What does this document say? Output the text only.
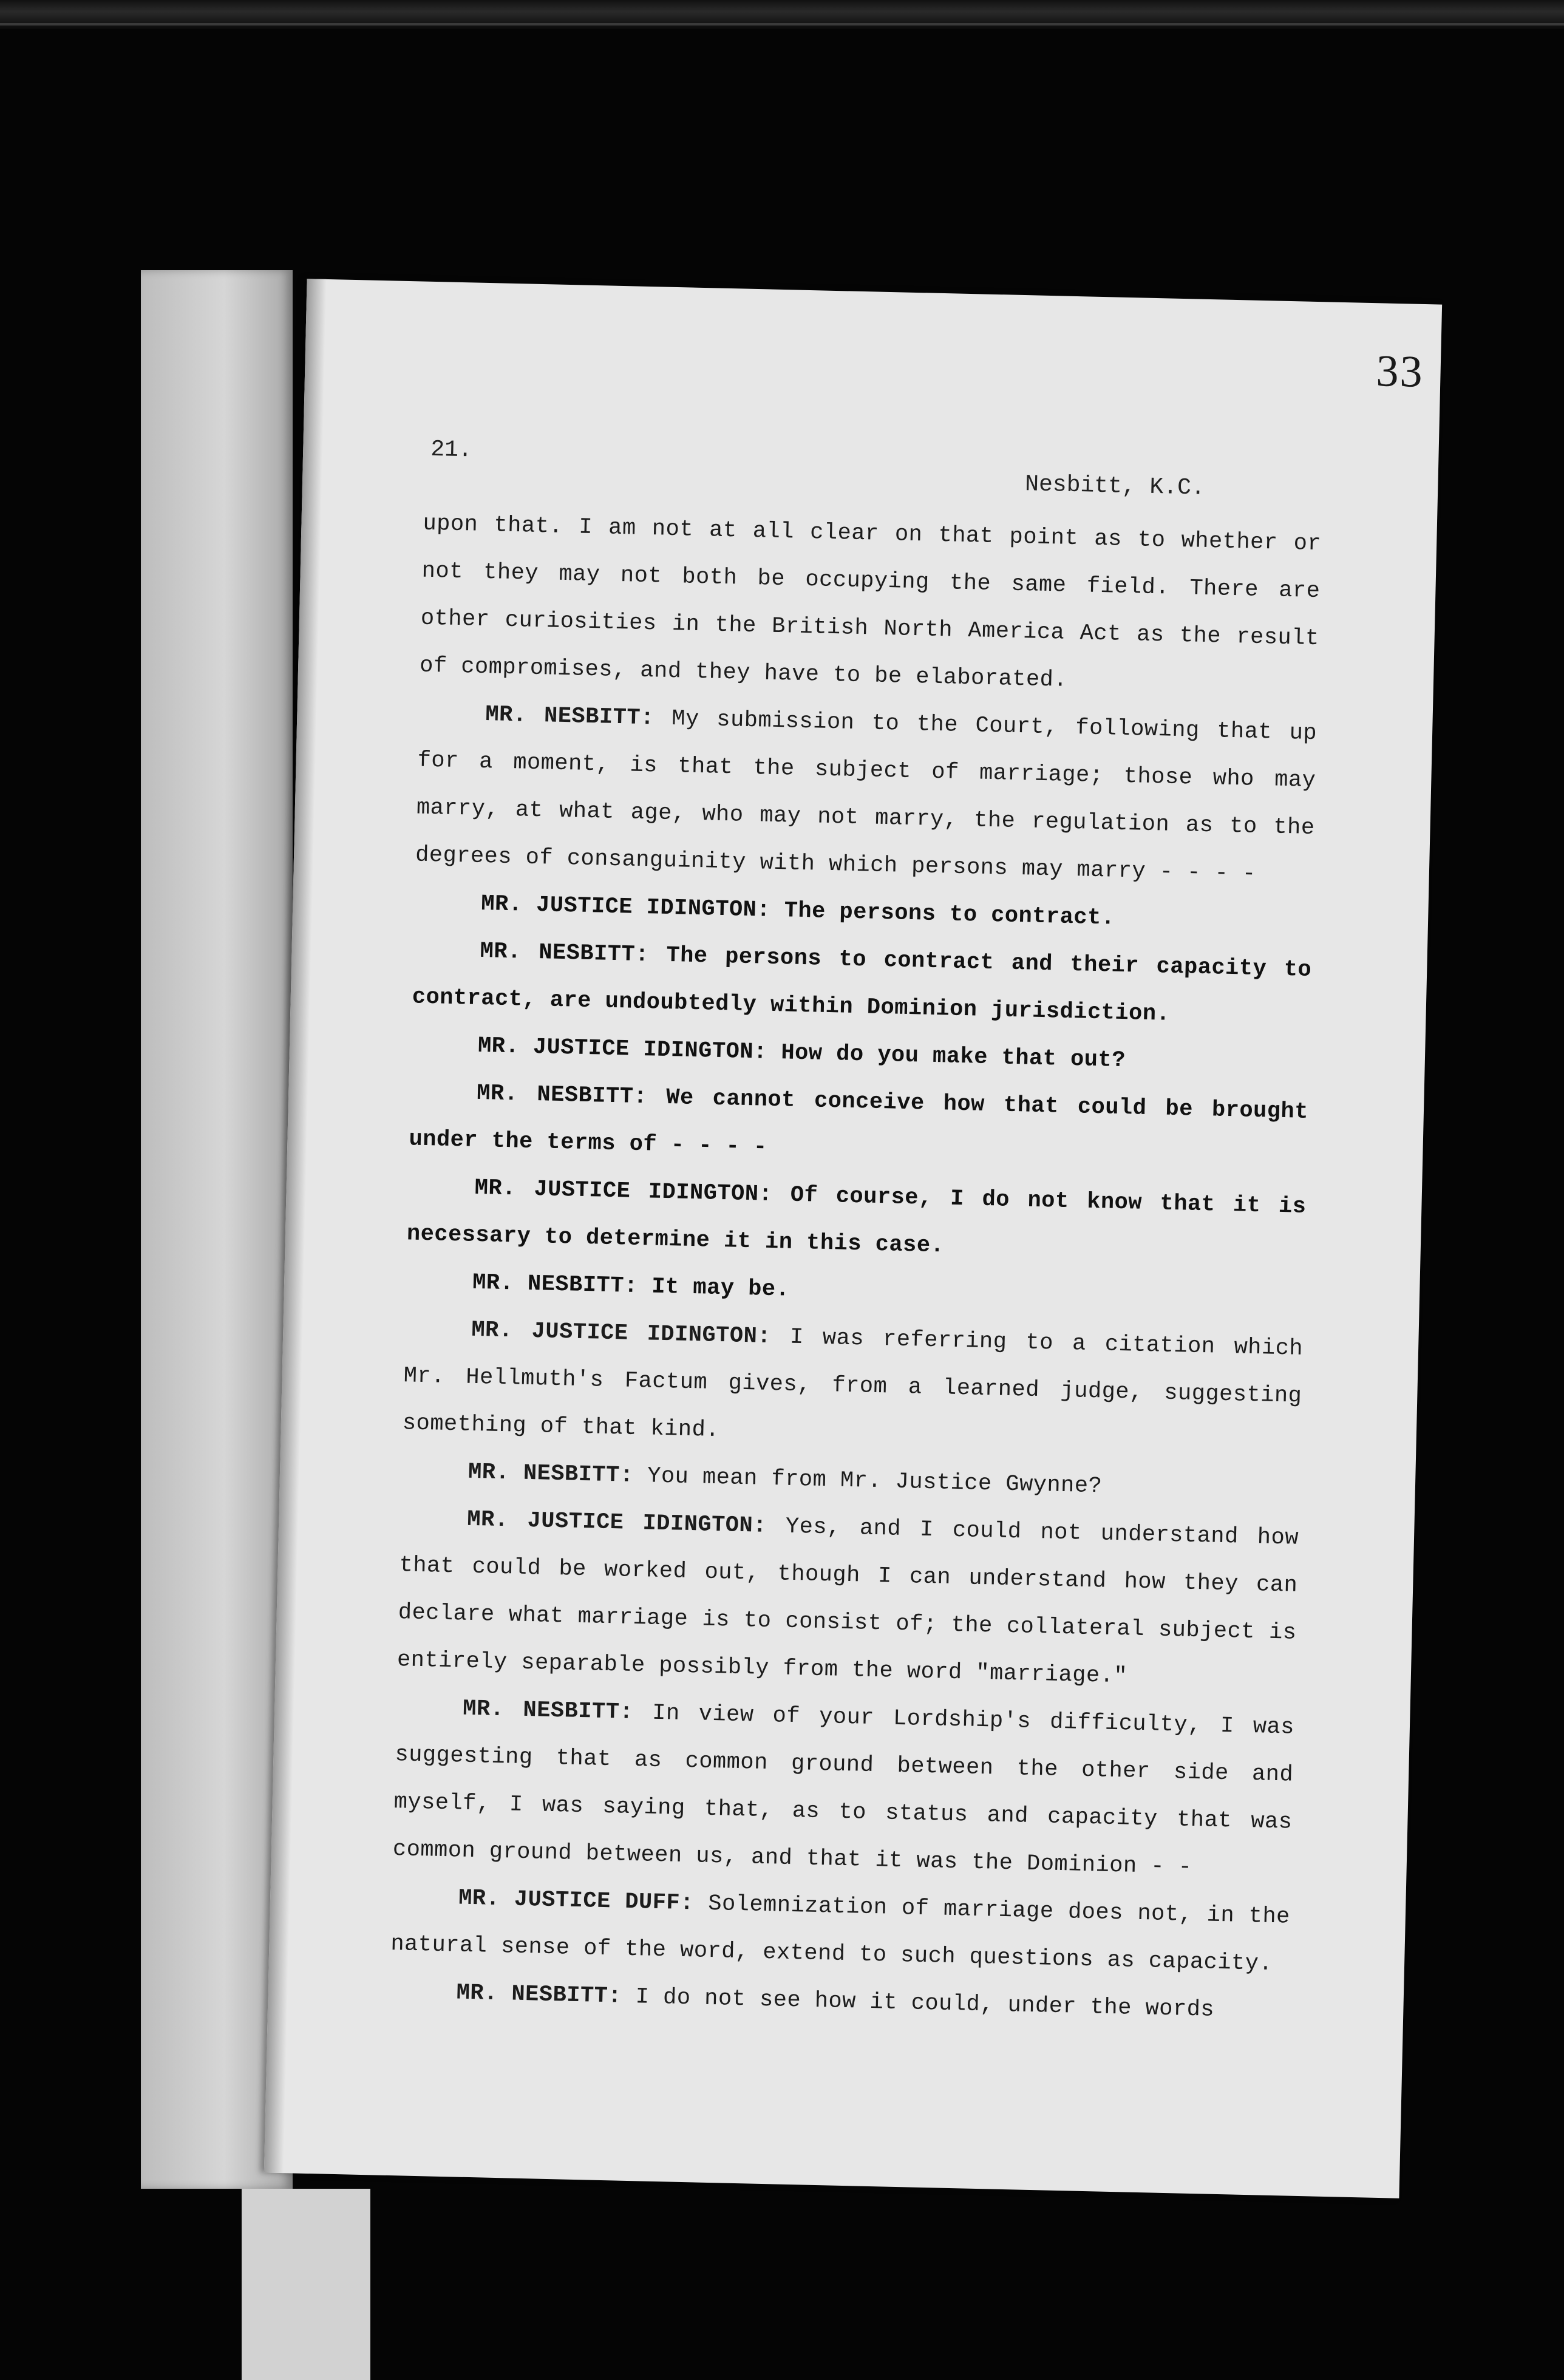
33
21.
Nesbitt, K.C.

upon that. I am not at all clear on that point as to whether or not they may not both be occupying the same field. There are other curiosities in the British North America Act as the result of compromises, and they have to be elaborated.

MR. NESBITT: My submission to the Court, following that up for a moment, is that the subject of marriage; those who may marry, at what age, who may not marry, the regulation as to the degrees of consanguinity with which persons may marry - - - -

MR. JUSTICE IDINGTON: The persons to contract.

MR. NESBITT: The persons to contract and their capacity to contract, are undoubtedly within Dominion jurisdiction.

MR. JUSTICE IDINGTON: How do you make that out?

MR. NESBITT: We cannot conceive how that could be brought under the terms of - - - -

MR. JUSTICE IDINGTON: Of course, I do not know that it is necessary to determine it in this case.

MR. NESBITT: It may be.

MR. JUSTICE IDINGTON: I was referring to a citation which Mr. Hellmuth's Factum gives, from a learned judge, suggesting something of that kind.

MR. NESBITT: You mean from Mr. Justice Gwynne?

MR. JUSTICE IDINGTON: Yes, and I could not understand how that could be worked out, though I can understand how they can declare what marriage is to consist of; the collateral subject is entirely separable possibly from the word "marriage."

MR. NESBITT: In view of your Lordship's difficulty, I was suggesting that as common ground between the other side and myself, I was saying that, as to status and capacity that was common ground between us, and that it was the Dominion - -

MR. JUSTICE DUFF: Solemnization of marriage does not, in the natural sense of the word, extend to such questions as capacity.

MR. NESBITT: I do not see how it could, under the words
